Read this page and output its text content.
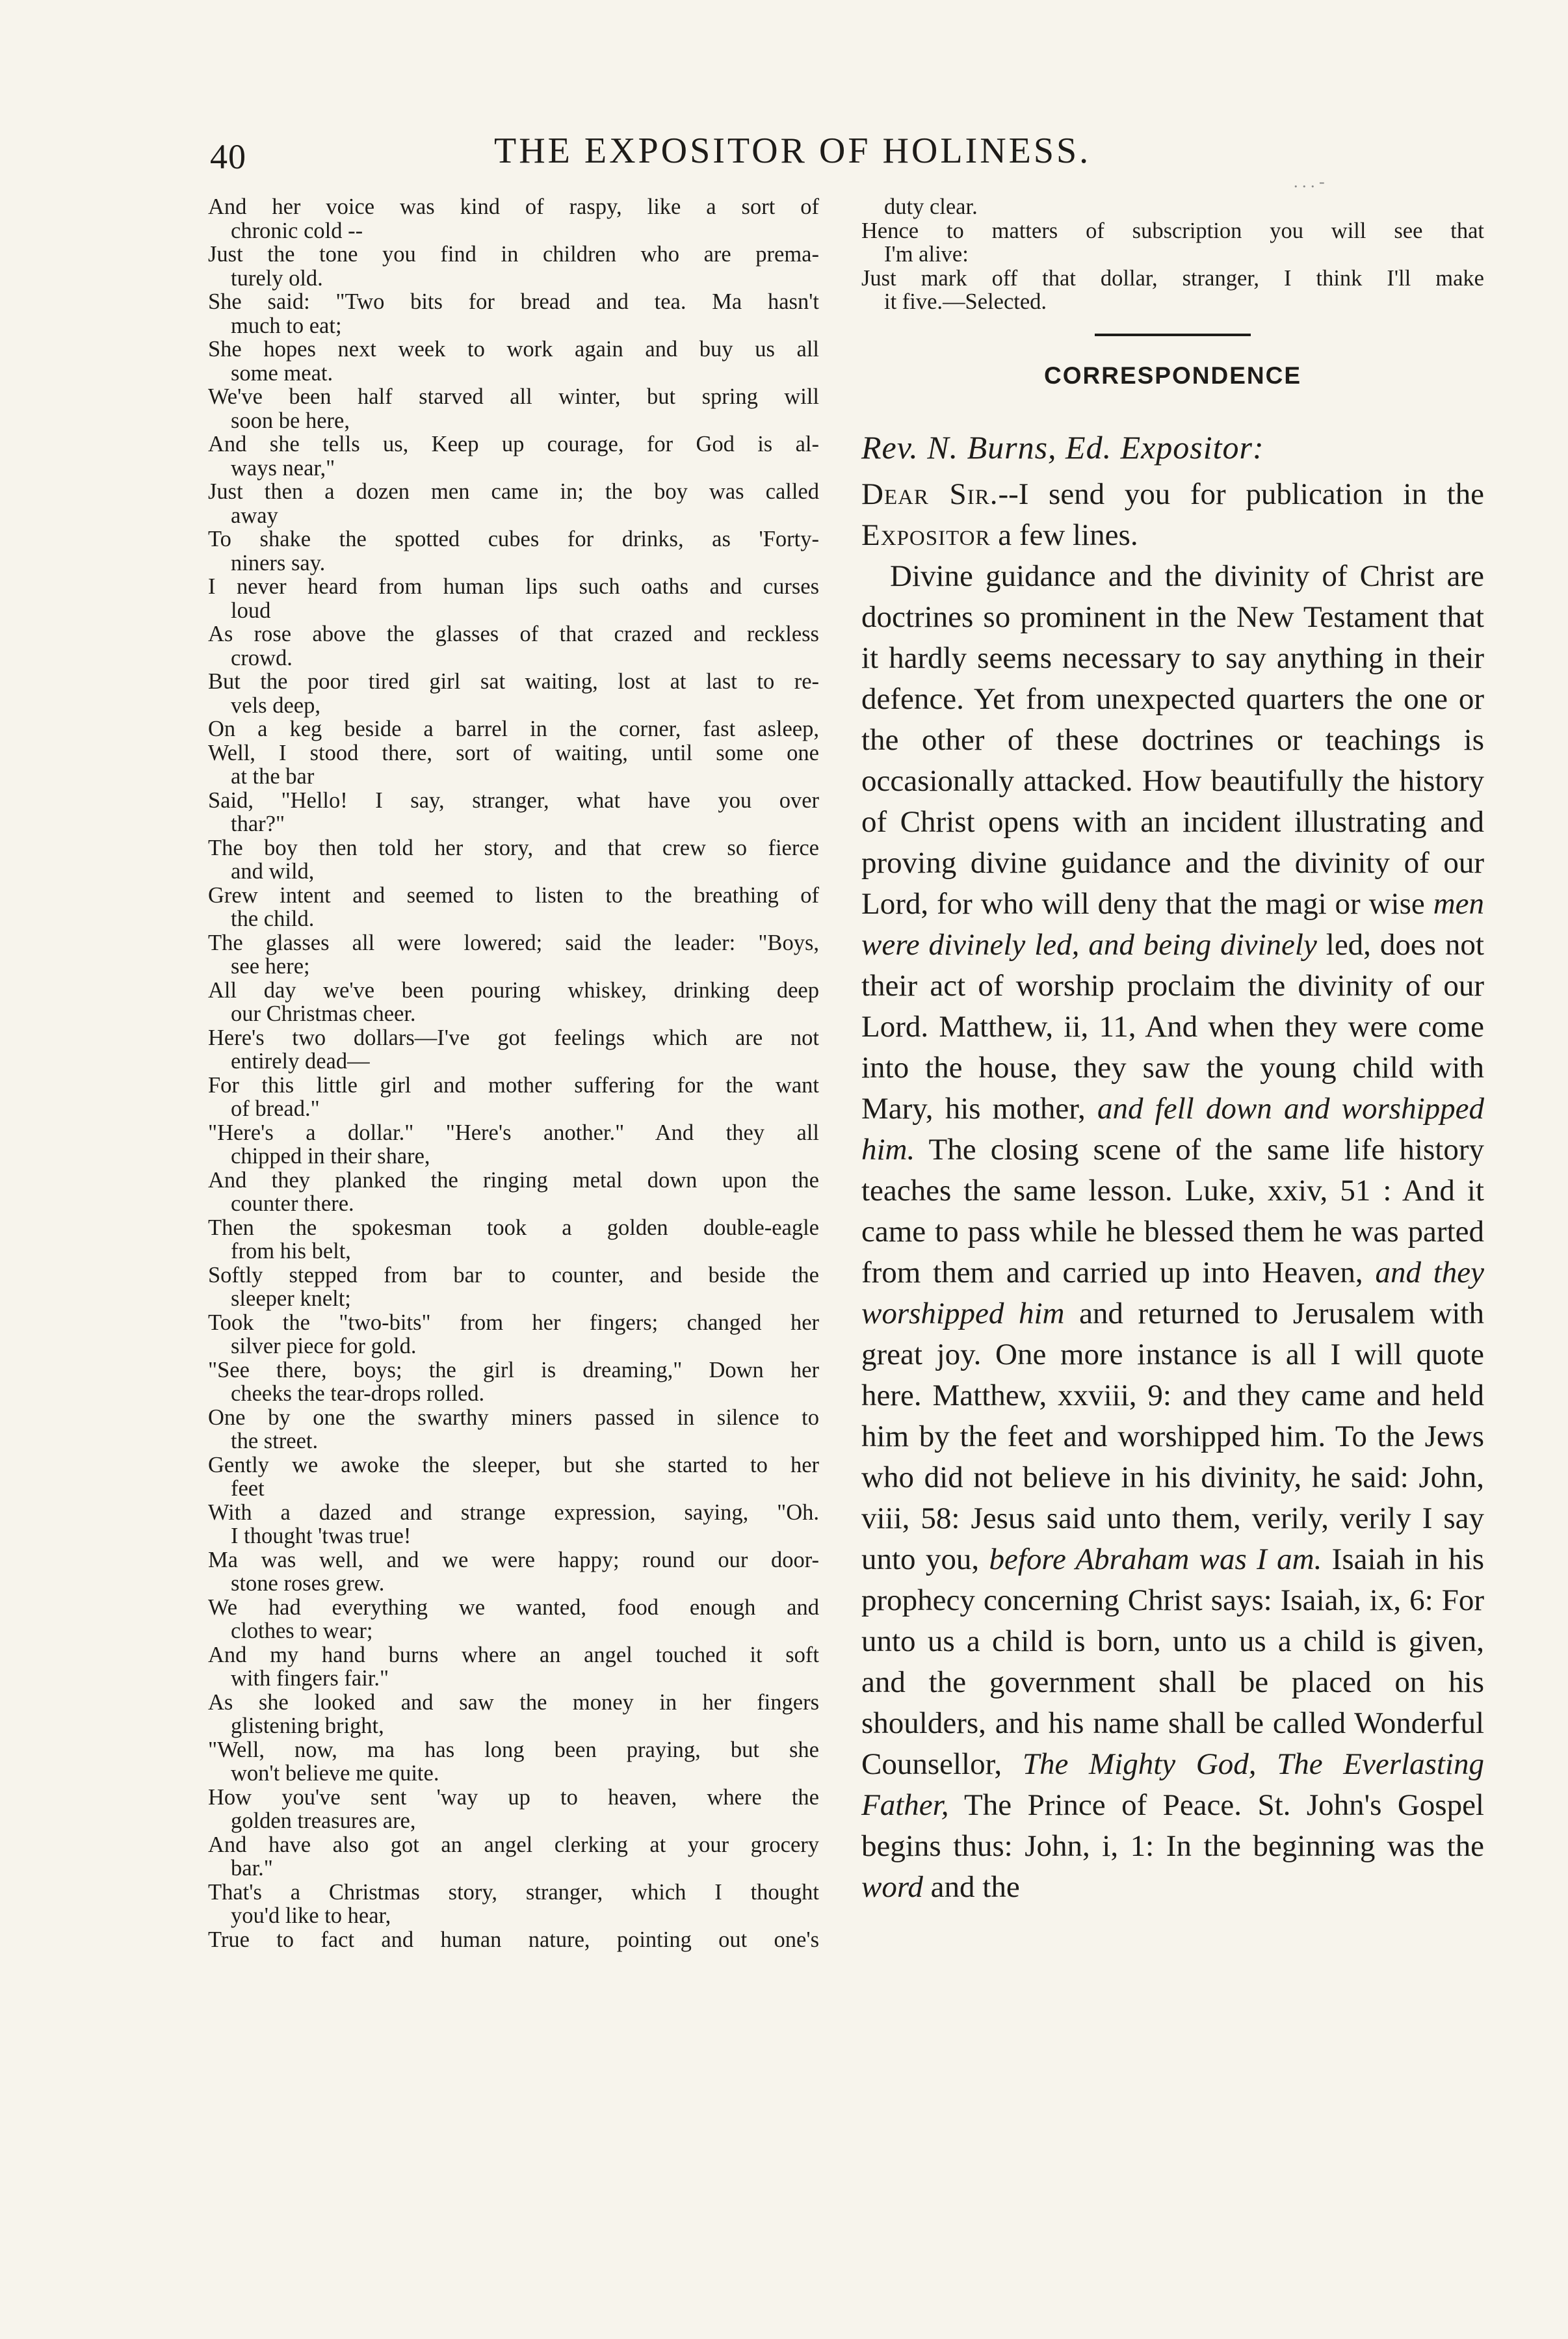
40	THE EXPOSITOR OF HOLINESS.
. . . -
And her voice was kind of raspy, like a sort of
chronic cold --
Just the tone you find in children who are prema-
turely old.
She said: "Two bits for bread and tea. Ma hasn't
much to eat;
She hopes next week to work again and buy us all
some meat.
We've been half starved all winter, but spring will
soon be here,
And she tells us, Keep up courage, for God is al-
ways near,"
Just then a dozen men came in; the boy was called
away
To shake the spotted cubes for drinks, as 'Forty-
niners say.
I never heard from human lips such oaths and curses
loud
As rose above the glasses of that crazed and reckless
crowd.
But the poor tired girl sat waiting, lost at last to re-
vels deep,
On a keg beside a barrel in the corner, fast asleep,
Well, I stood there, sort of waiting, until some one
at the bar
Said, "Hello! I say, stranger, what have you over
thar?"
The boy then told her story, and that crew so fierce
and wild,
Grew intent and seemed to listen to the breathing of
the child.
The glasses all were lowered; said the leader: "Boys,
see here;
All day we've been pouring whiskey, drinking deep
our Christmas cheer.
Here's two dollars—I've got feelings which are not
entirely dead—
For this little girl and mother suffering for the want
of bread."
"Here's a dollar." "Here's another." And they all
chipped in their share,
And they planked the ringing metal down upon the
counter there.
Then the spokesman took a golden double-eagle
from his belt,
Softly stepped from bar to counter, and beside the
sleeper knelt;
Took the "two-bits" from her fingers; changed her
silver piece for gold.
"See there, boys; the girl is dreaming," Down her
cheeks the tear-drops rolled.
One by one the swarthy miners passed in silence to
the street.
Gently we awoke the sleeper, but she started to her
feet
With a dazed and strange expression, saying, "Oh.
I thought 'twas true!
Ma was well, and we were happy; round our door-
stone roses grew.
We had everything we wanted, food enough and
clothes to wear;
And my hand burns where an angel touched it soft
with fingers fair."
As she looked and saw the money in her fingers
glistening bright,
"Well, now, ma has long been praying, but she
won't believe me quite.
How you've sent 'way up to heaven, where the
golden treasures are,
And have also got an angel clerking at your grocery
bar."
That's a Christmas story, stranger, which I thought
you'd like to hear,
True to fact and human nature, pointing out one's
duty clear.
Hence to matters of subscription you will see that
I'm alive:
Just mark off that dollar, stranger, I think I'll make
it five.—Selected.
CORRESPONDENCE
Rev. N. Burns, Ed. Expositor:

Dear Sir.--I send you for publication in the Expositor a few lines.

Divine guidance and the divinity of Christ are doctrines so prominent in the New Testament that it hardly seems necessary to say anything in their defence. Yet from unexpected quarters the one or the other of these doctrines or teachings is occasionally attacked. How beautifully the history of Christ opens with an incident illustrating and proving divine guidance and the divinity of our Lord, for who will deny that the magi or wise men were divinely led, and being divinely led, does not their act of worship proclaim the divinity of our Lord. Matthew, ii, 11, And when they were come into the house, they saw the young child with Mary, his mother, and fell down and worshipped him. The closing scene of the same life history teaches the same lesson. Luke, xxiv, 51 : And it came to pass while he blessed them he was parted from them and carried up into Heaven, and they worshipped him and returned to Jerusalem with great joy. One more instance is all I will quote here. Matthew, xxviii, 9: and they came and held him by the feet and worshipped him. To the Jews who did not believe in his divinity, he said: John, viii, 58: Jesus said unto them, verily, verily I say unto you, before Abraham was I am. Isaiah in his prophecy concerning Christ says: Isaiah, ix, 6: For unto us a child is born, unto us a child is given, and the government shall be placed on his shoulders, and his name shall be called Wonderful Counsellor, The Mighty God, The Everlasting Father, The Prince of Peace. St. John's Gospel begins thus: John, i, 1: In the beginning was the word and the
